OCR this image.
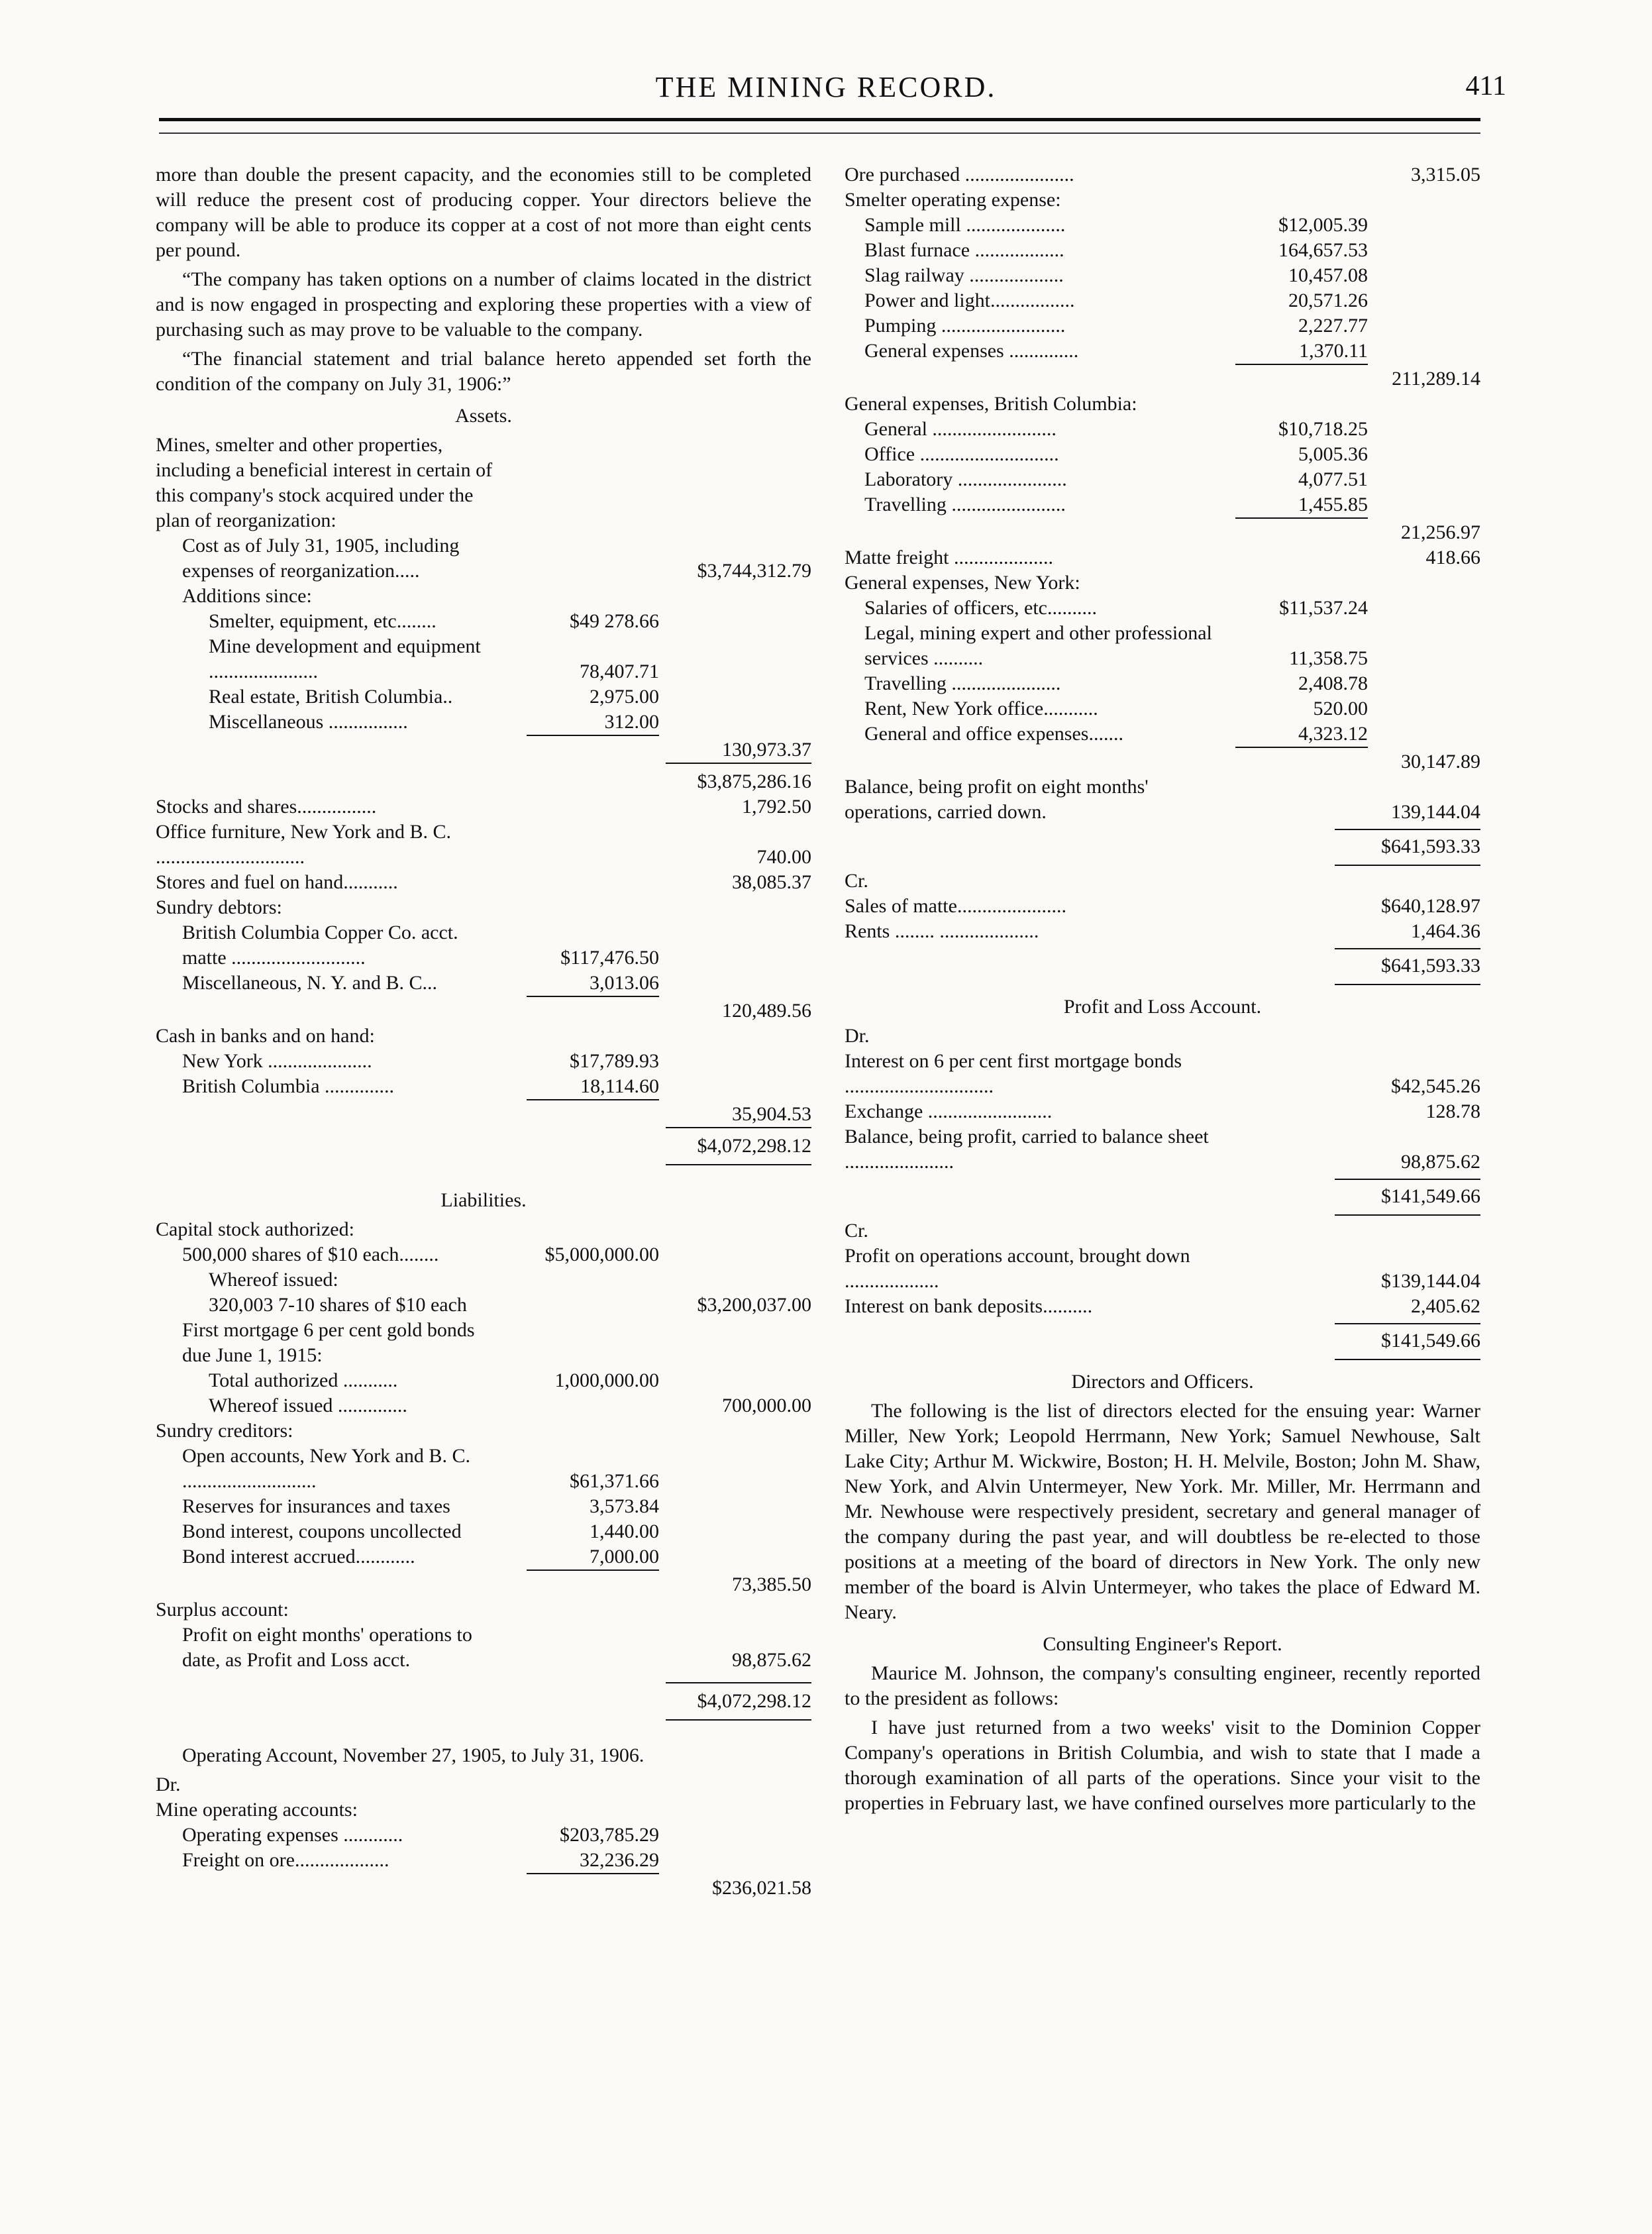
THE MINING RECORD.	411

more than double the present capacity, and the economies still to be completed will reduce the present cost of producing copper. Your directors believe the company will be able to produce its copper at a cost of not more than eight cents per pound.

“The company has taken options on a number of claims located in the district and is now engaged in prospecting and exploring these properties with a view of purchasing such as may prove to be valuable to the company.

“The financial statement and trial balance hereto appended set forth the condition of the company on July 31, 1906:”

Assets.
Mines, smelter and other properties, including a beneficial interest in certain of this company's stock acquired under the plan of reorganization:
Cost as of July 31, 1905, including expenses of reorganization.....	$3,744,312.79
Additions since:
Smelter, equipment, etc........	$49 278.66
Mine development and equipment ......................	78,407.71
Real estate, British Columbia..	2,975.00
Miscellaneous ................	312.00
130,973.37
$3,875,286.16
Stocks and shares................	1,792.50
Office furniture, New York and B. C. ..............................	740.00
Stores and fuel on hand...........	38,085.37
Sundry debtors:
British Columbia Copper Co. acct. matte ...........................	$117,476.50
Miscellaneous, N. Y. and B. C...	3,013.06
120,489.56
Cash in banks and on hand:
New York .....................	$17,789.93
British Columbia ..............	18,114.60
35,904.53
$4,072,298.12
Liabilities.
Capital stock authorized:
500,000 shares of $10 each........	$5,000,000.00
Whereof issued:
320,003 7-10 shares of $10 each	$3,200,037.00
First mortgage 6 per cent gold bonds due June 1, 1915:
Total authorized ...........	1,000,000.00
Whereof issued ..............	700,000.00
Sundry creditors:
Open accounts, New York and B. C. ...........................	$61,371.66
Reserves for insurances and taxes	3,573.84
Bond interest, coupons uncollected	1,440.00
Bond interest accrued............	7,000.00
73,385.50
Surplus account:
Profit on eight months' operations to date, as Profit and Loss acct.	98,875.62
$4,072,298.12
Operating Account, November 27, 1905, to July 31, 1906.
Dr.
Mine operating accounts:
Operating expenses ............	$203,785.29
Freight on ore...................	32,236.29
$236,021.58
Ore purchased ......................	3,315.05
Smelter operating expense:
Sample mill ....................	$12,005.39
Blast furnace ..................	164,657.53
Slag railway ...................	10,457.08
Power and light.................	20,571.26
Pumping .........................	2,227.77
General expenses ..............	1,370.11
211,289.14
General expenses, British Columbia:
General .........................	$10,718.25
Office ............................	5,005.36
Laboratory ......................	4,077.51
Travelling .......................	1,455.85
21,256.97
Matte freight ....................	418.66
General expenses, New York:
Salaries of officers, etc..........	$11,537.24
Legal, mining expert and other professional services ..........	11,358.75
Travelling ......................	2,408.78
Rent, New York office...........	520.00
General and office expenses.......	4,323.12
30,147.89
Balance, being profit on eight months' operations, carried down.	139,144.04
$641,593.33
Cr.
Sales of matte......................	$640,128.97
Rents ........ ....................	1,464.36
$641,593.33
Profit and Loss Account.
Dr.
Interest on 6 per cent first mortgage bonds ..............................	$42,545.26
Exchange .........................	128.78
Balance, being profit, carried to balance sheet ......................	98,875.62
$141,549.66
Cr.
Profit on operations account, brought down ...................	$139,144.04
Interest on bank deposits..........	2,405.62
$141,549.66
Directors and Officers.

The following is the list of directors elected for the ensuing year: Warner Miller, New York; Leopold Herrmann, New York; Samuel Newhouse, Salt Lake City; Arthur M. Wickwire, Boston; H. H. Melvile, Boston; John M. Shaw, New York, and Alvin Untermeyer, New York. Mr. Miller, Mr. Herrmann and Mr. Newhouse were respectively president, secretary and general manager of the company during the past year, and will doubtless be re-elected to those positions at a meeting of the board of directors in New York. The only new member of the board is Alvin Untermeyer, who takes the place of Edward M. Neary.

Consulting Engineer's Report.

Maurice M. Johnson, the company's consulting engineer, recently reported to the president as follows:

I have just returned from a two weeks' visit to the Dominion Copper Company's operations in British Columbia, and wish to state that I made a thorough examination of all parts of the operations. Since your visit to the properties in February last, we have confined ourselves more particularly to the
